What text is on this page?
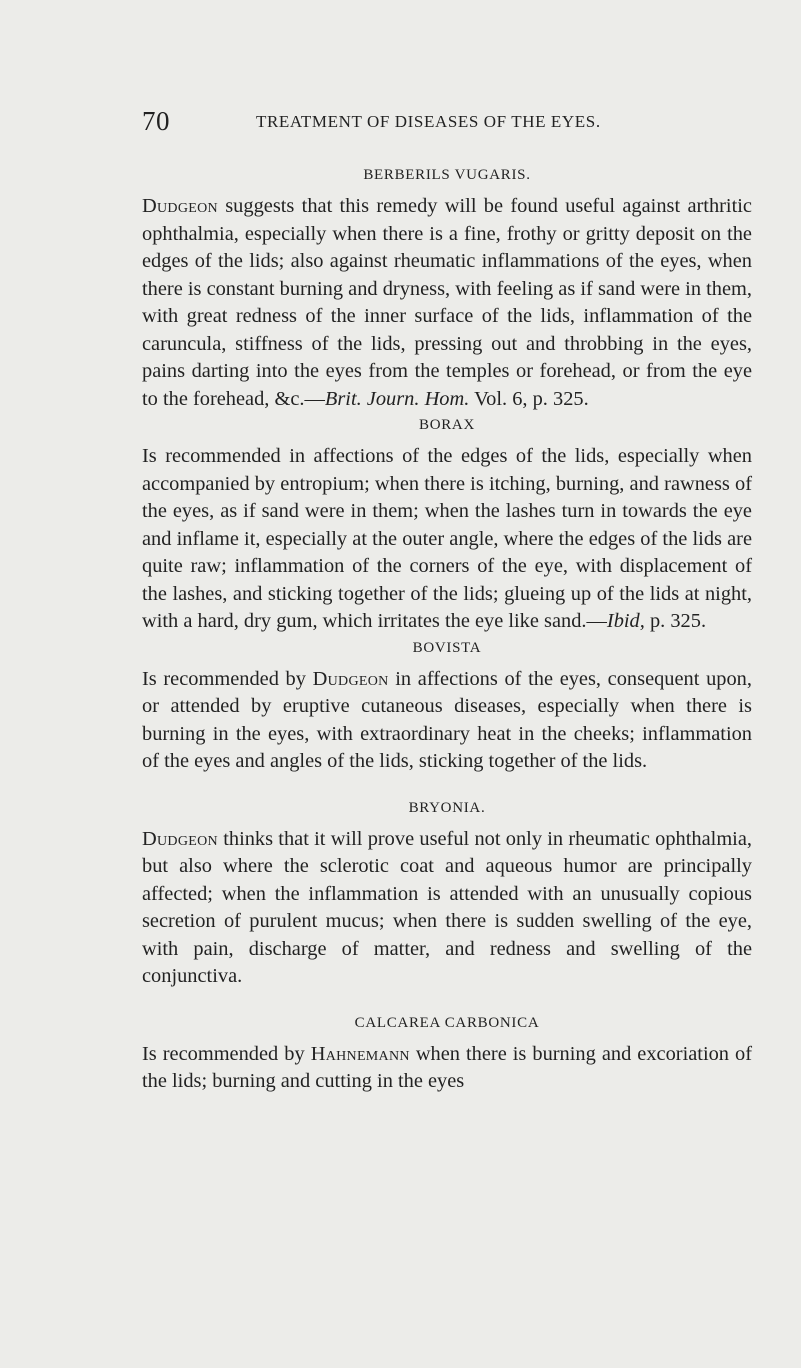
70	TREATMENT OF DISEASES OF THE EYES.
BERBERILS VUGARIS.

Dudgeon suggests that this remedy will be found useful against arthritic ophthalmia, especially when there is a fine, frothy or gritty deposit on the edges of the lids; also against rheumatic inflammations of the eyes, when there is constant burning and dryness, with feeling as if sand were in them, with great redness of the inner surface of the lids, inflammation of the caruncula, stiffness of the lids, pressing out and throbbing in the eyes, pains darting into the eyes from the temples or forehead, or from the eye to the forehead, &c.—Brit. Journ. Hom. Vol. 6, p. 325.

BORAX

Is recommended in affections of the edges of the lids, especially when accompanied by entropium; when there is itching, burning, and rawness of the eyes, as if sand were in them; when the lashes turn in towards the eye and inflame it, especially at the outer angle, where the edges of the lids are quite raw; inflammation of the corners of the eye, with displacement of the lashes, and sticking together of the lids; glueing up of the lids at night, with a hard, dry gum, which irritates the eye like sand.—Ibid, p. 325.

BOVISTA

Is recommended by Dudgeon in affections of the eyes, consequent upon, or attended by eruptive cutaneous diseases, especially when there is burning in the eyes, with extraordinary heat in the cheeks; inflammation of the eyes and angles of the lids, sticking together of the lids.

BRYONIA.

Dudgeon thinks that it will prove useful not only in rheumatic ophthalmia, but also where the sclerotic coat and aqueous humor are principally affected; when the inflammation is attended with an unusually copious secretion of purulent mucus; when there is sudden swelling of the eye, with pain, discharge of matter, and redness and swelling of the conjunctiva.

CALCAREA CARBONICA

Is recommended by Hahnemann when there is burning and excoriation of the lids; burning and cutting in the eyes
